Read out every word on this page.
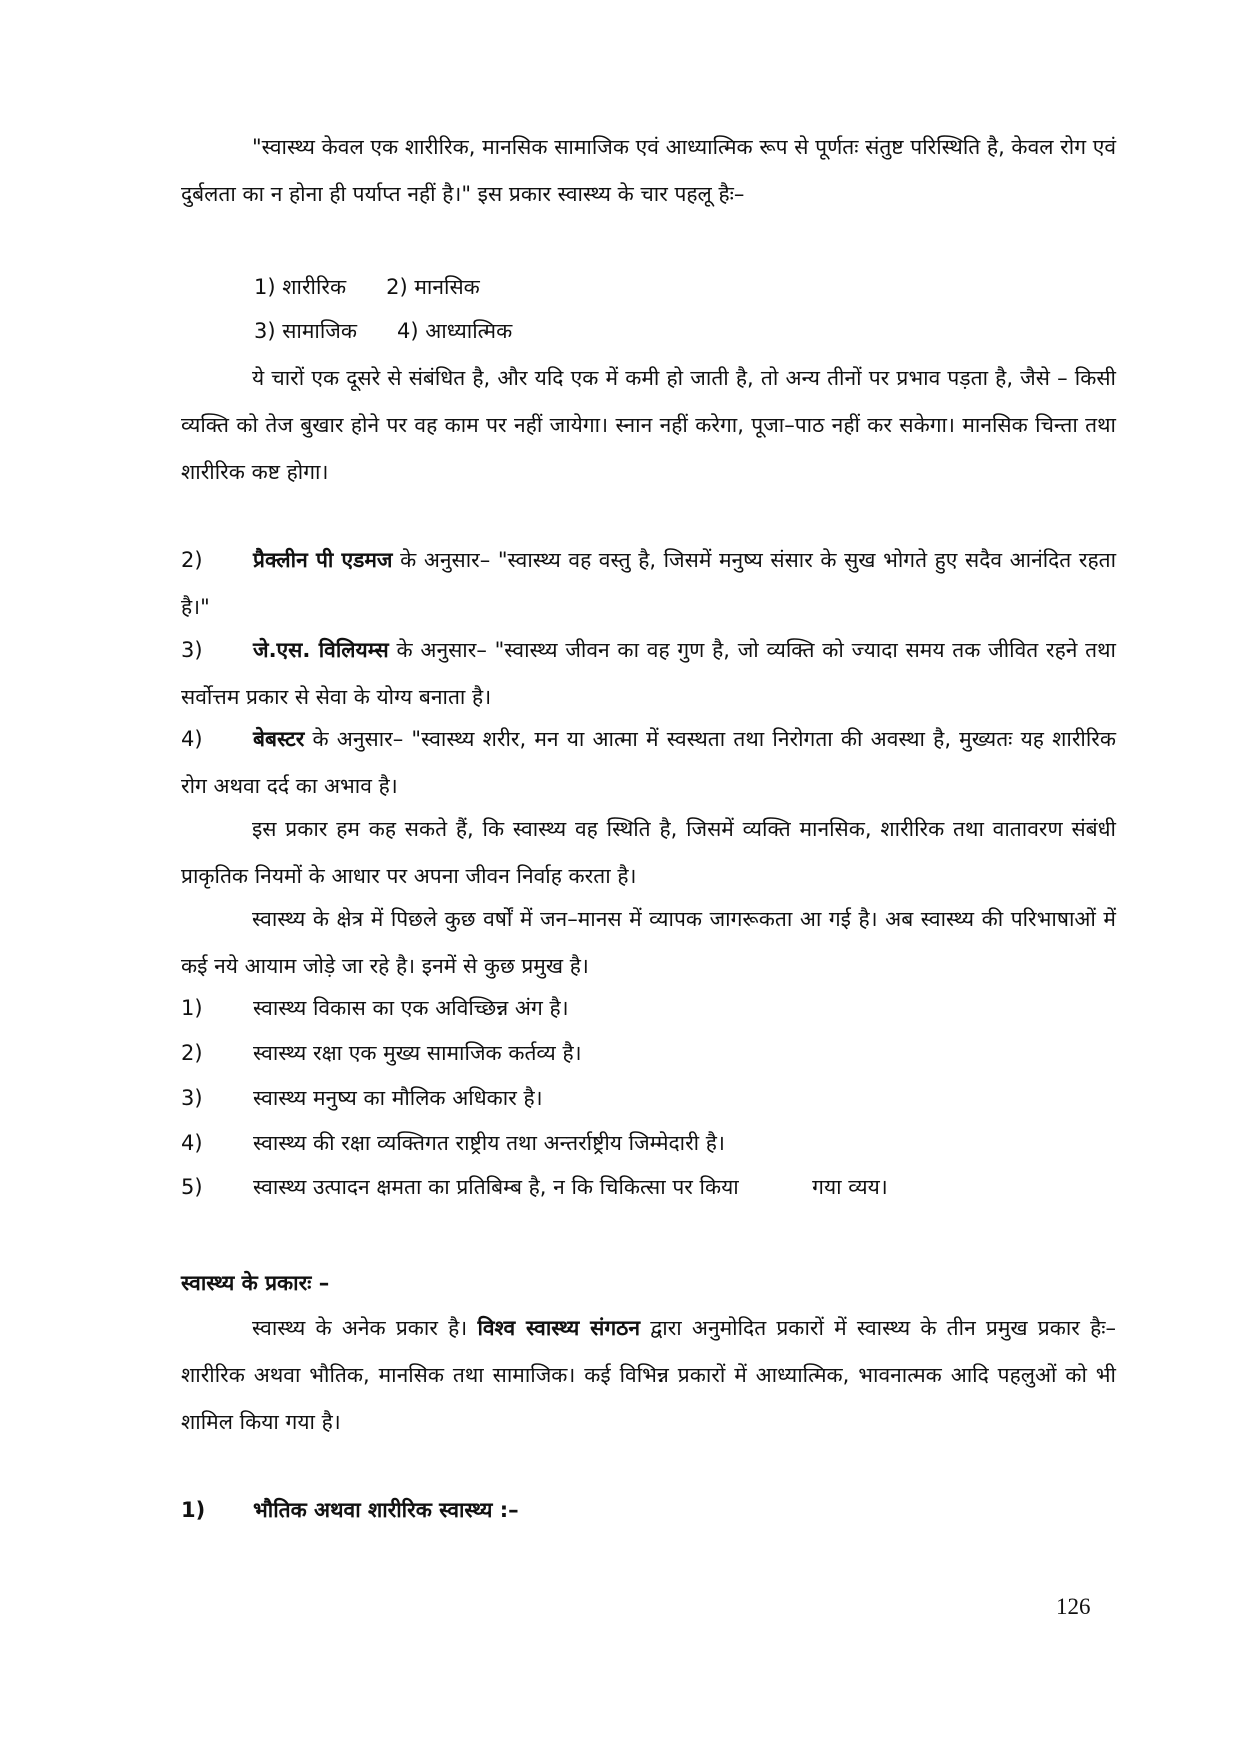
"स्वास्थ्य केवल एक शारीरिक, मानसिक सामाजिक एवं आध्यात्मिक रूप से पूर्णतः संतुष्ट परिस्थिति है, केवल रोग एवं दुर्बलता का न होना ही पर्याप्त नहीं है।" इस प्रकार स्वास्थ्य के चार पहलू हैः–
1) शारीरिक 2) मानसिक
3) सामाजिक 4) आध्यात्मिक
ये चारों एक दूसरे से संबंधित है, और यदि एक में कमी हो जाती है, तो अन्य तीनों पर प्रभाव पड़ता है, जैसे – किसी व्यक्ति को तेज बुखार होने पर वह काम पर नहीं जायेगा। स्नान नहीं करेगा, पूजा–पाठ नहीं कर सकेगा। मानसिक चिन्ता तथा शारीरिक कष्ट होगा।
2) प्रैक्लीन पी एडमज के अनुसार– "स्वास्थ्य वह वस्तु है, जिसमें मनुष्य संसार के सुख भोगते हुए सदैव आनंदित रहता है।"
3) जे.एस. विलियम्स के अनुसार– "स्वास्थ्य जीवन का वह गुण है, जो व्यक्ति को ज्यादा समय तक जीवित रहने तथा सर्वोत्तम प्रकार से सेवा के योग्य बनाता है।
4) बेबस्टर के अनुसार– "स्वास्थ्य शरीर, मन या आत्मा में स्वस्थता तथा निरोगता की अवस्था है, मुख्यतः यह शारीरिक रोग अथवा दर्द का अभाव है।
इस प्रकार हम कह सकते हैं, कि स्वास्थ्य वह स्थिति है, जिसमें व्यक्ति मानसिक, शारीरिक तथा वातावरण संबंधी प्राकृतिक नियमों के आधार पर अपना जीवन निर्वाह करता है।
स्वास्थ्य के क्षेत्र में पिछले कुछ वर्षों में जन–मानस में व्यापक जागरूकता आ गई है। अब स्वास्थ्य की परिभाषाओं में कई नये आयाम जोड़े जा रहे है। इनमें से कुछ प्रमुख है।
1) स्वास्थ्य विकास का एक अविच्छिन्न अंग है।
2) स्वास्थ्य रक्षा एक मुख्य सामाजिक कर्तव्य है।
3) स्वास्थ्य मनुष्य का मौलिक अधिकार है।
4) स्वास्थ्य की रक्षा व्यक्तिगत राष्ट्रीय तथा अन्तर्राष्ट्रीय जिम्मेदारी है।
5) स्वास्थ्य उत्पादन क्षमता का प्रतिबिम्ब है, न कि चिकित्सा पर किया           गया व्यय।
स्वास्थ्य के प्रकारः –
स्वास्थ्य के अनेक प्रकार है। विश्व स्वास्थ्य संगठन द्वारा अनुमोदित प्रकारों में स्वास्थ्य के तीन प्रमुख प्रकार हैः– शारीरिक अथवा भौतिक, मानसिक तथा सामाजिक। कई विभिन्न प्रकारों में आध्यात्मिक, भावनात्मक आदि पहलुओं को भी शामिल किया गया है।
1) भौतिक अथवा शारीरिक स्वास्थ्य :–
126
